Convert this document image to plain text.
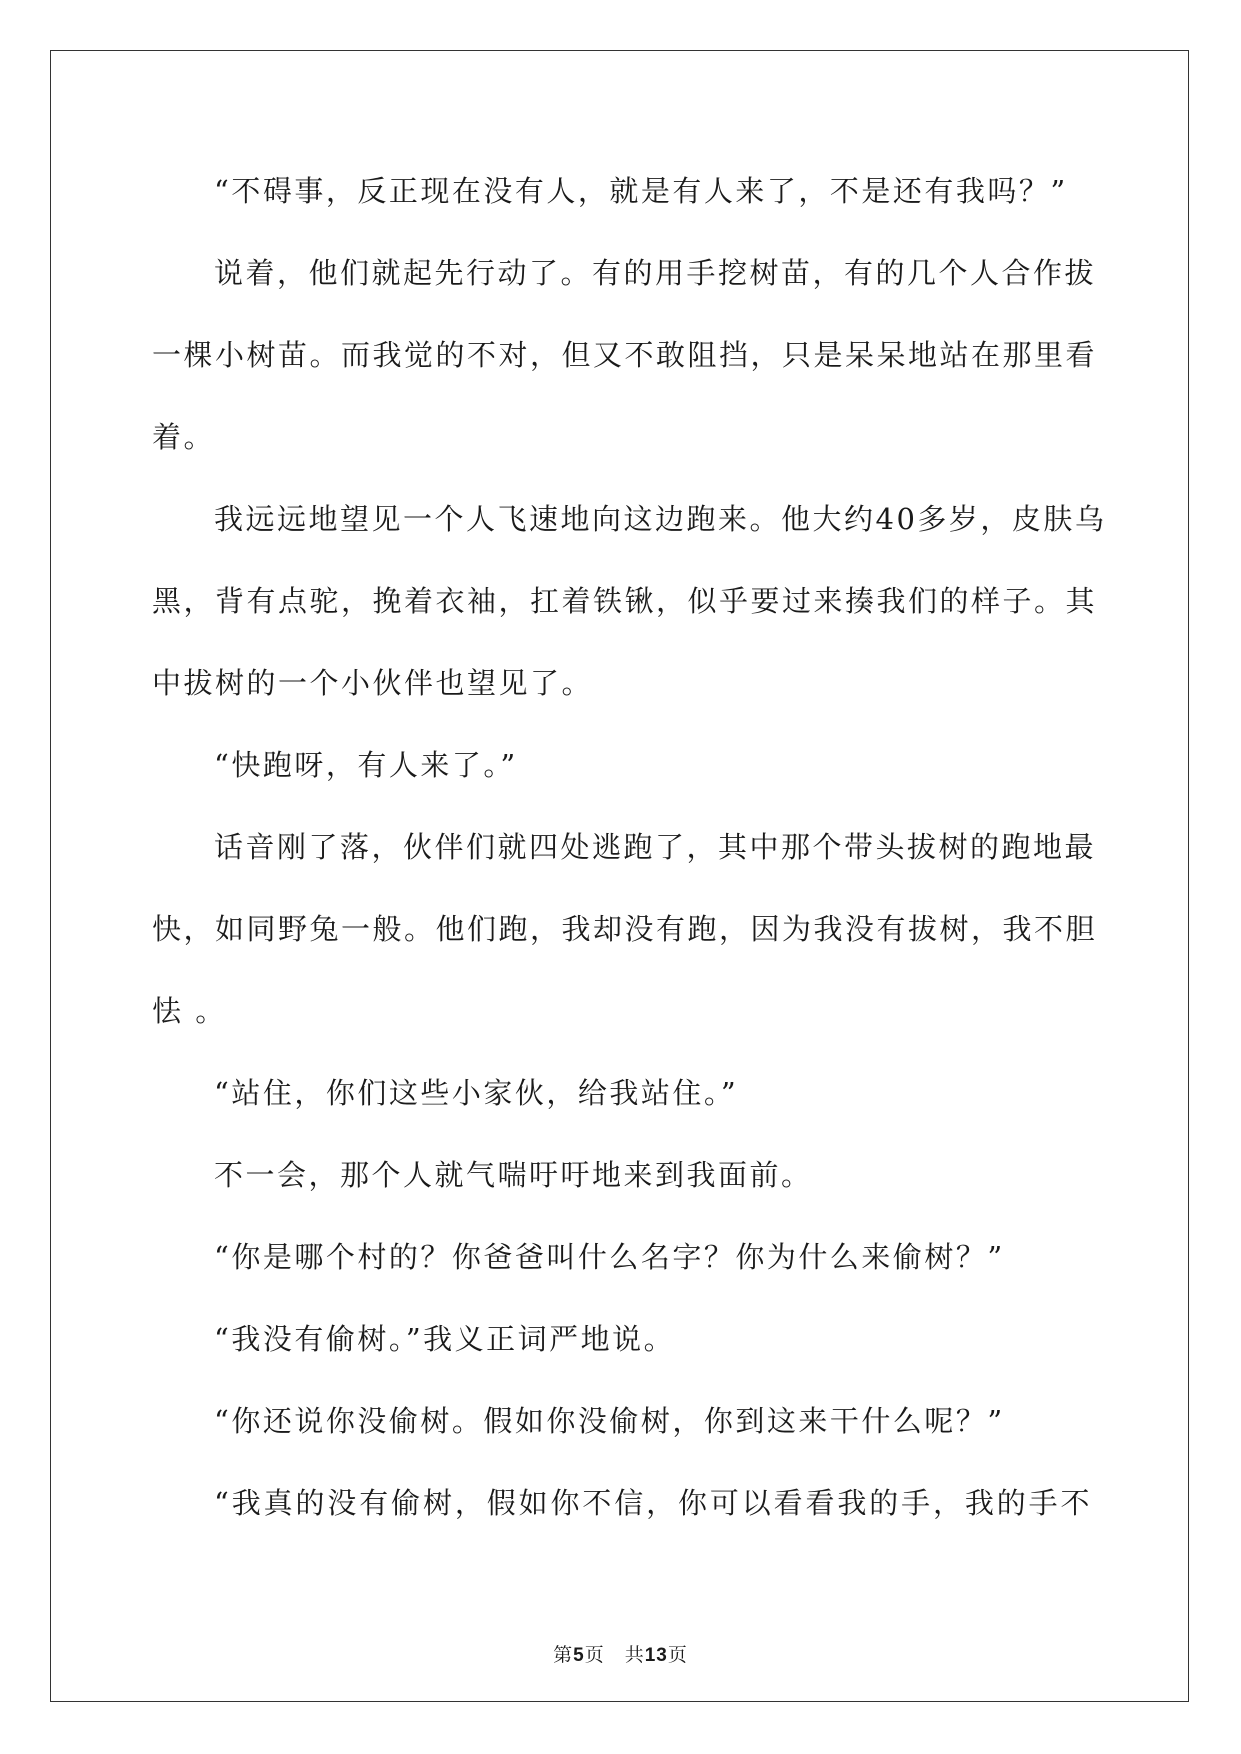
“不碍事，反正现在没有人，就是有人来了，不是还有我吗？”
说着，他们就起先行动了。有的用手挖树苗，有的几个人合作拔
一棵小树苗。而我觉的不对，但又不敢阻挡，只是呆呆地站在那里看
着。
我远远地望见一个人飞速地向这边跑来。他大约40多岁，皮肤乌
黑，背有点驼，挽着衣袖，扛着铁锹，似乎要过来揍我们的样子。其
中拔树的一个小伙伴也望见了。
“快跑呀，有人来了。”
话音刚了落，伙伴们就四处逃跑了，其中那个带头拔树的跑地最
快，如同野兔一般。他们跑，我却没有跑，因为我没有拔树，我不胆
怯 。
“站住，你们这些小家伙，给我站住。”
不一会，那个人就气喘吁吁地来到我面前。
“你是哪个村的？你爸爸叫什么名字？你为什么来偷树？”
“我没有偷树。”我义正词严地说。
“你还说你没偷树。假如你没偷树，你到这来干什么呢？”
“我真的没有偷树，假如你不信，你可以看看我的手，我的手不
第5页　共13页
